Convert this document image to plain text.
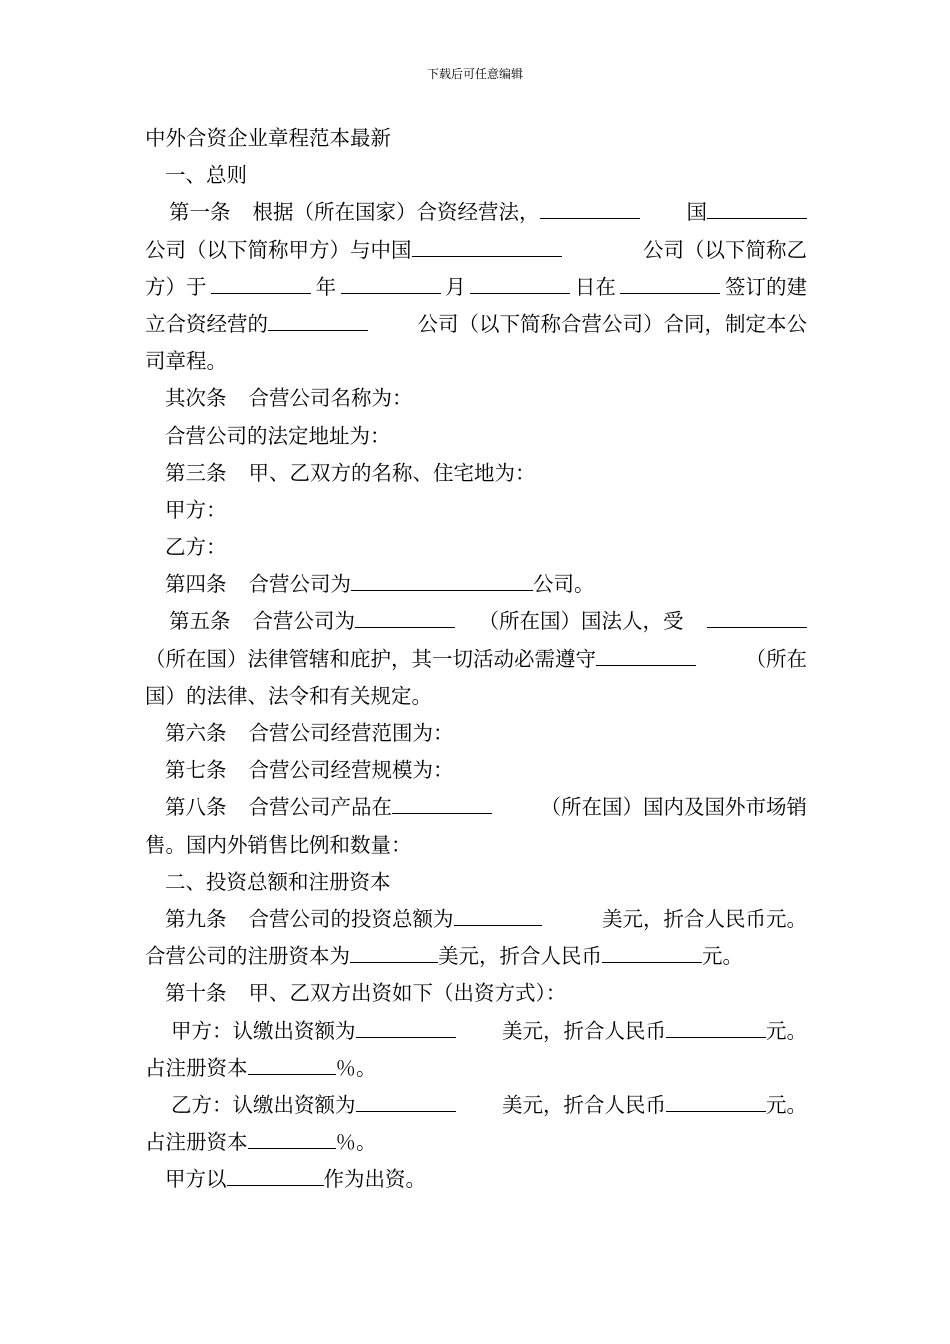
下载后可任意编辑
中外合资企业章程范本最新
一、总则
第一条 根据（所在国家）合资经营法，	国
公司（以下简称甲方）与中国	公司（以下简称乙
方）于	年	月	日在	签订的建
立合资经营的	公司（以下简称合营公司）合同，制定本公
司章程。
其次条 合营公司名称为：
合营公司的法定地址为：
第三条 甲、乙双方的名称、住宅地为：
甲方：
乙方：
第四条 合营公司为	公司。
第五条 合营公司为	（所在国）国法人，受
（所在国）法律管辖和庇护，其一切活动必需遵守	（所在
国）的法律、法令和有关规定。
第六条 合营公司经营范围为：
第七条 合营公司经营规模为：
第八条 合营公司产品在	（所在国）国内及国外市场销
售。国内外销售比例和数量：
二、投资总额和注册资本
第九条 合营公司的投资总额为	美元，折合人民币元。
合营公司的注册资本为	美元，折合人民币	元。
第十条 甲、乙双方出资如下（出资方式）：
甲方：认缴出资额为	美元，折合人民币	元。
占注册资本	％。
乙方：认缴出资额为	美元，折合人民币	元。
占注册资本	％。
甲方以	作为出资。
